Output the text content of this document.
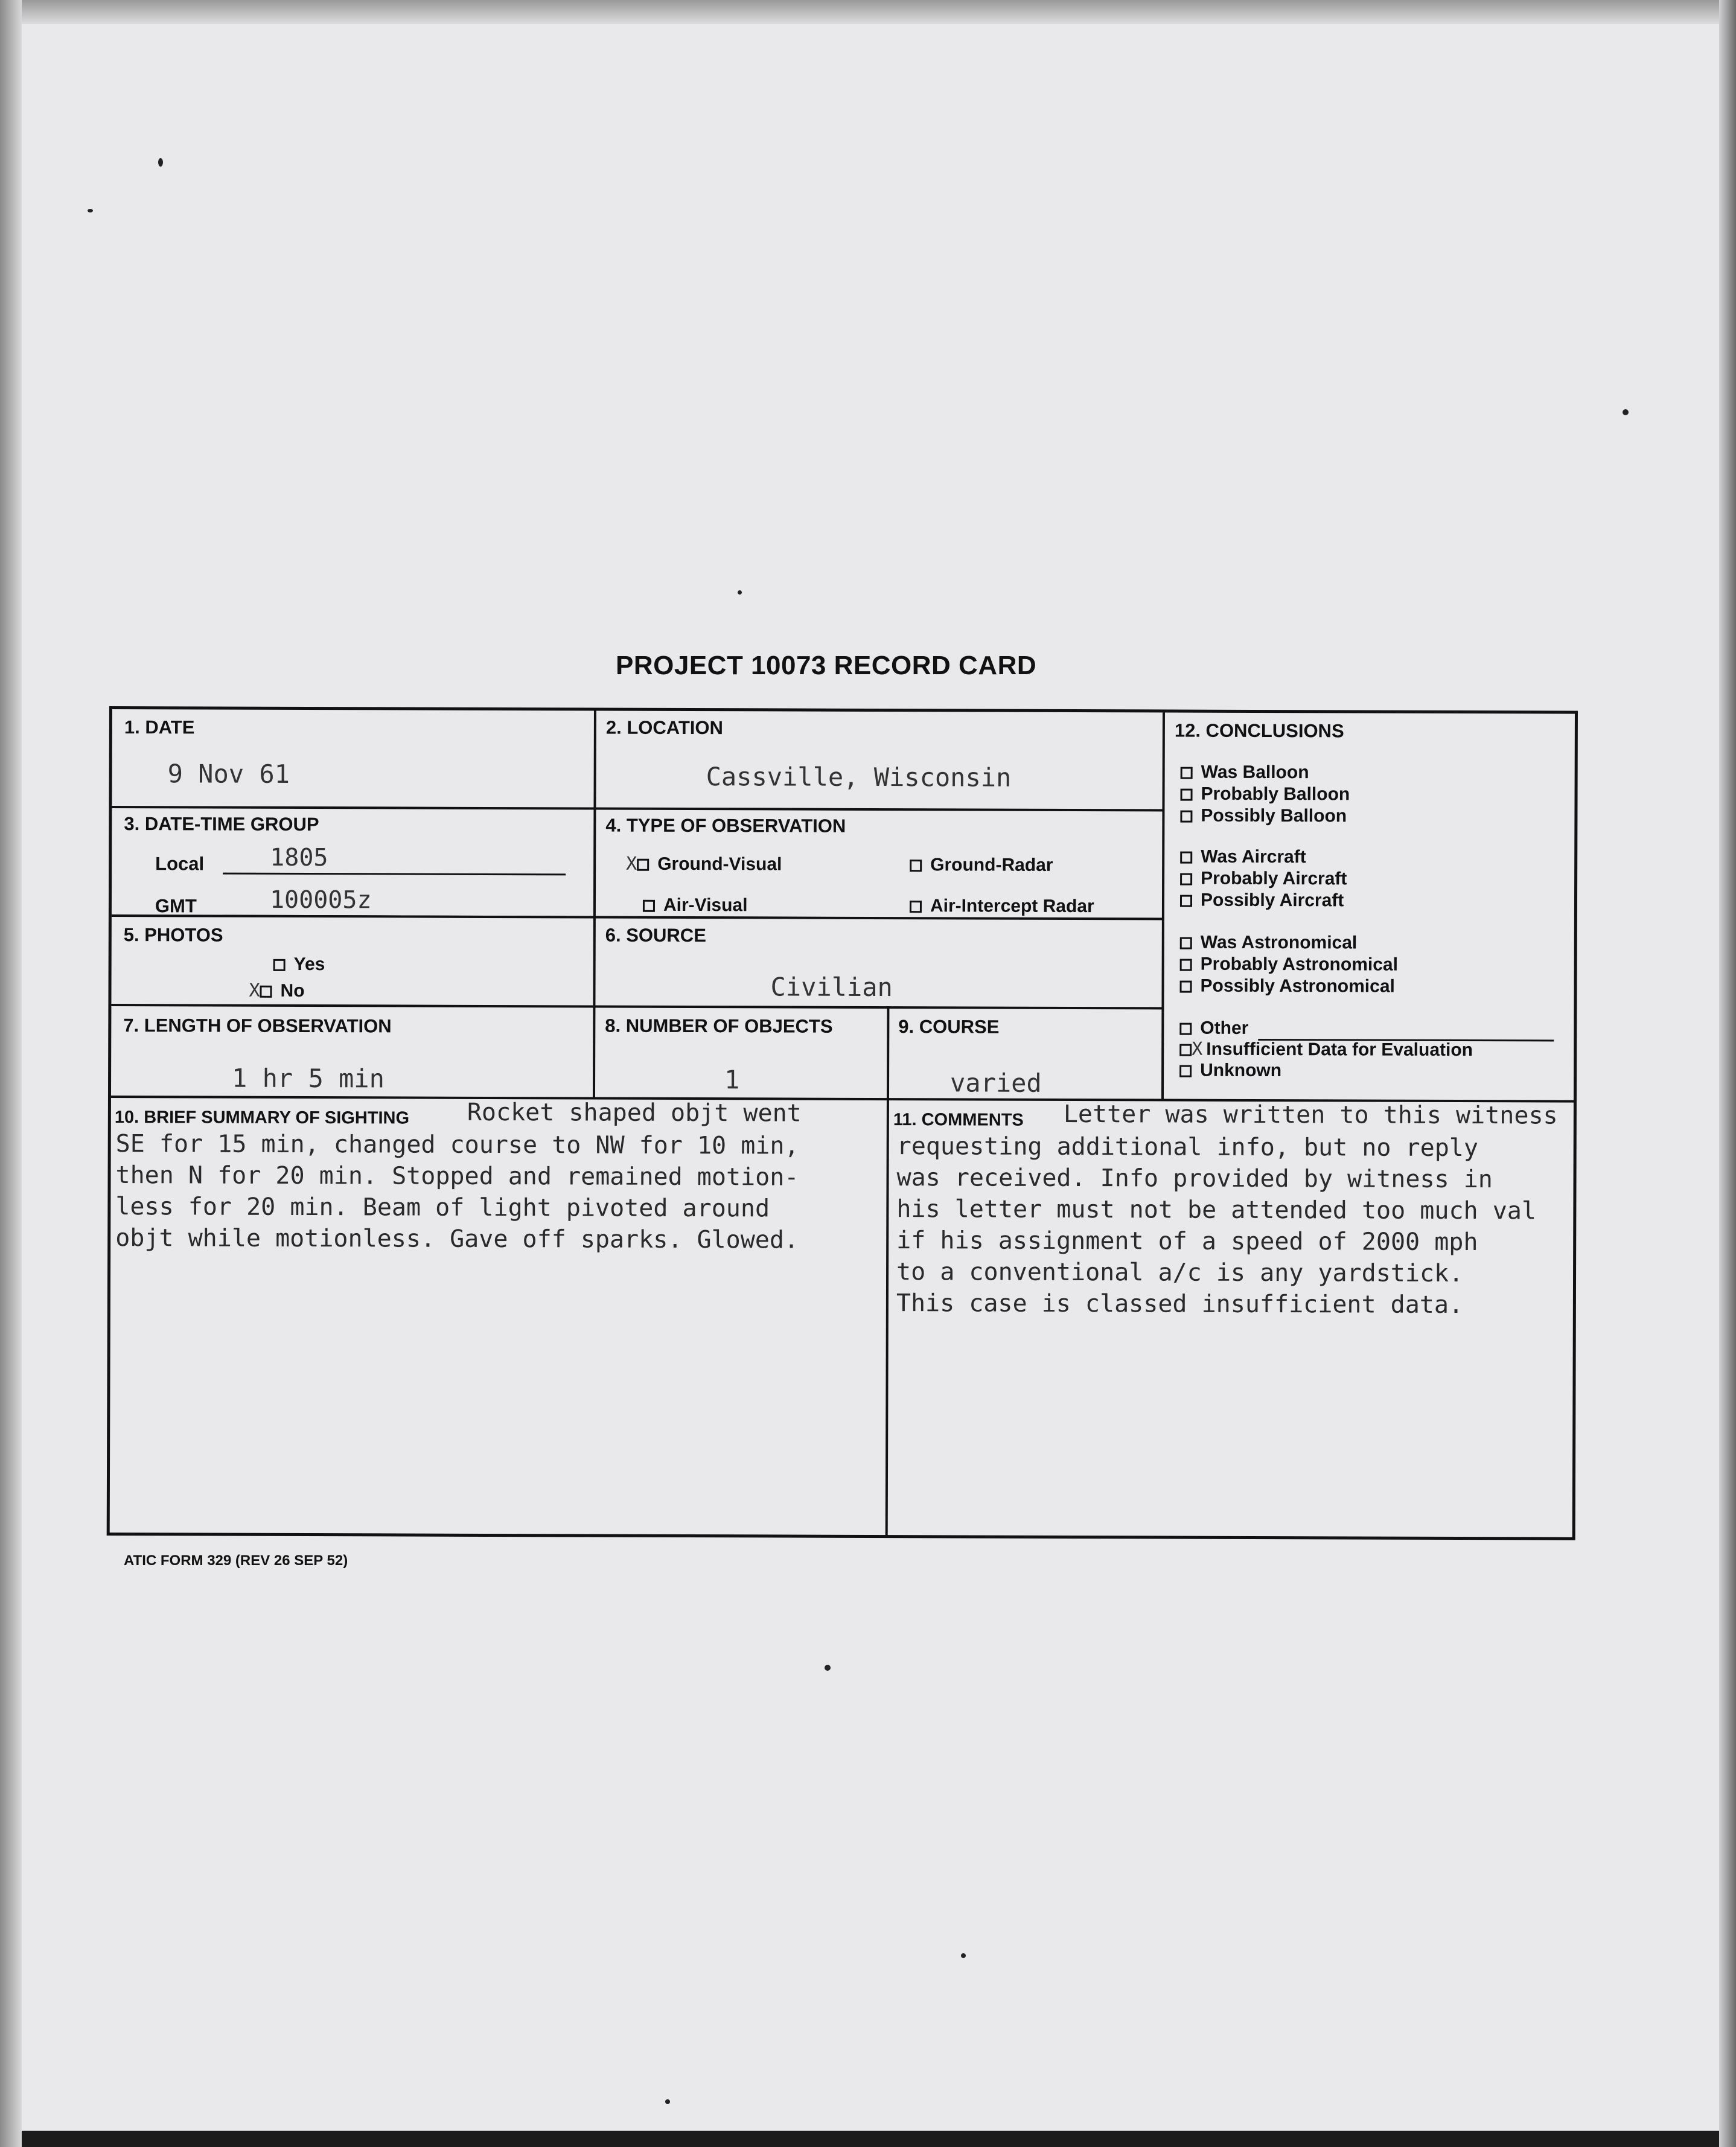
PROJECT 10073 RECORD CARD
1. DATE
9 Nov 61
2. LOCATION
Cassville, Wisconsin
3. DATE-TIME GROUP
Local	1805
GMT	100005z
4. TYPE OF OBSERVATION
X Ground-Visual	Ground-Radar
Air-Visual	Air-Intercept Radar
5. PHOTOS
Yes
X No
6. SOURCE
Civilian
7. LENGTH OF OBSERVATION
1 hr 5 min
8. NUMBER OF OBJECTS
1
9. COURSE
varied
10. BRIEF SUMMARY OF SIGHTING Rocket shaped objt went
SE for 15 min, changed course to NW for 10 min,
then N for 20 min. Stopped and remained motion-
less for 20 min. Beam of light pivoted around
objt while motionless. Gave off sparks. Glowed.
11. COMMENTS Letter was written to this witness
requesting additional info, but no reply
was received. Info provided by witness in
his letter must not be attended too much val
if his assignment of a speed of 2000 mph
to a conventional a/c is any yardstick.
This case is classed insufficient data.
12. CONCLUSIONS
Was Balloon
Probably Balloon
Possibly Balloon
Was Aircraft
Probably Aircraft
Possibly Aircraft
Was Astronomical
Probably Astronomical
Possibly Astronomical
Other
X Insufficient Data for Evaluation
Unknown
ATIC FORM 329 (REV 26 SEP 52)
